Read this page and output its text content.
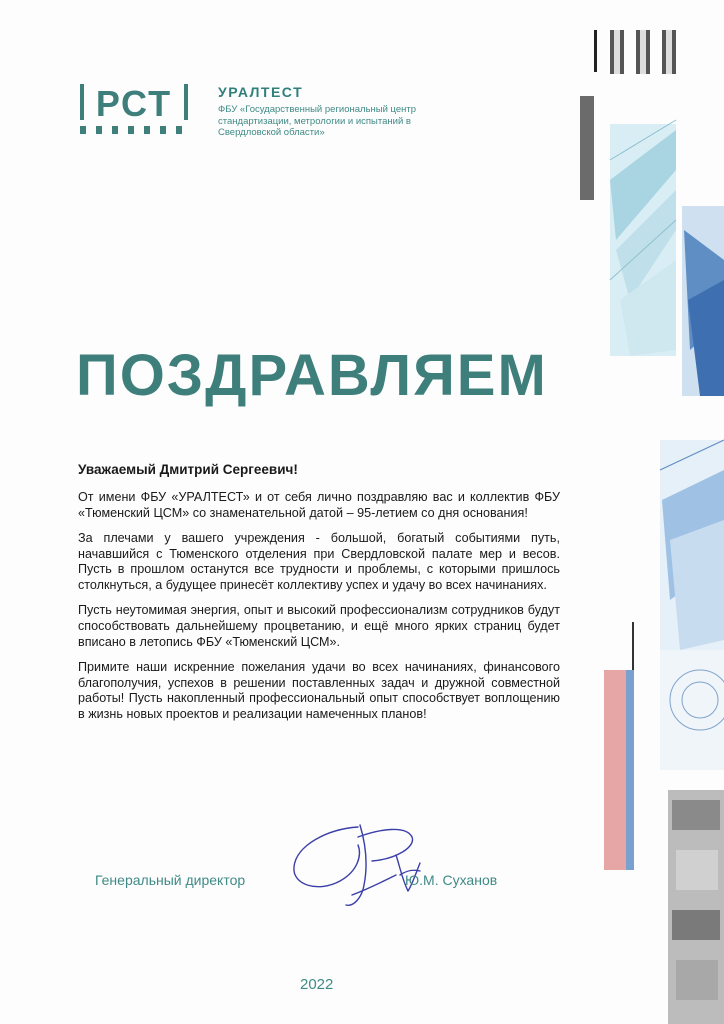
РСТ	УРАЛТЕСТ
ФБУ «Государственный региональный центр стандартизации, метрологии и испытаний в Свердловской области»
ПОЗДРАВЛЯЕМ
Уважаемый Дмитрий Сергеевич!

От имени ФБУ «УРАЛТЕСТ» и от себя лично поздравляю вас и коллектив ФБУ «Тюменский ЦСМ» со знаменательной датой – 95-летием со дня основания!

За плечами у вашего учреждения - большой, богатый событиями путь, начавшийся с Тюменского отделения при Свердловской палате мер и весов. Пусть в прошлом останутся все трудности и проблемы, с которыми пришлось столкнуться, а будущее принесёт коллективу успех и удачу во всех начинаниях.

Пусть неутомимая энергия, опыт и высокий профессионализм сотрудников будут способствовать дальнейшему процветанию, и ещё много ярких страниц будет вписано в летопись ФБУ «Тюменский ЦСМ».

Примите наши искренние пожелания удачи во всех начинаниях, финансового благополучия, успехов в решении поставленных задач и дружной совместной работы! Пусть накопленный профессиональный опыт способствует воплощению в жизнь новых проектов и реализации намеченных планов!

Генеральный директор	Ю.М. Суханов
2022
